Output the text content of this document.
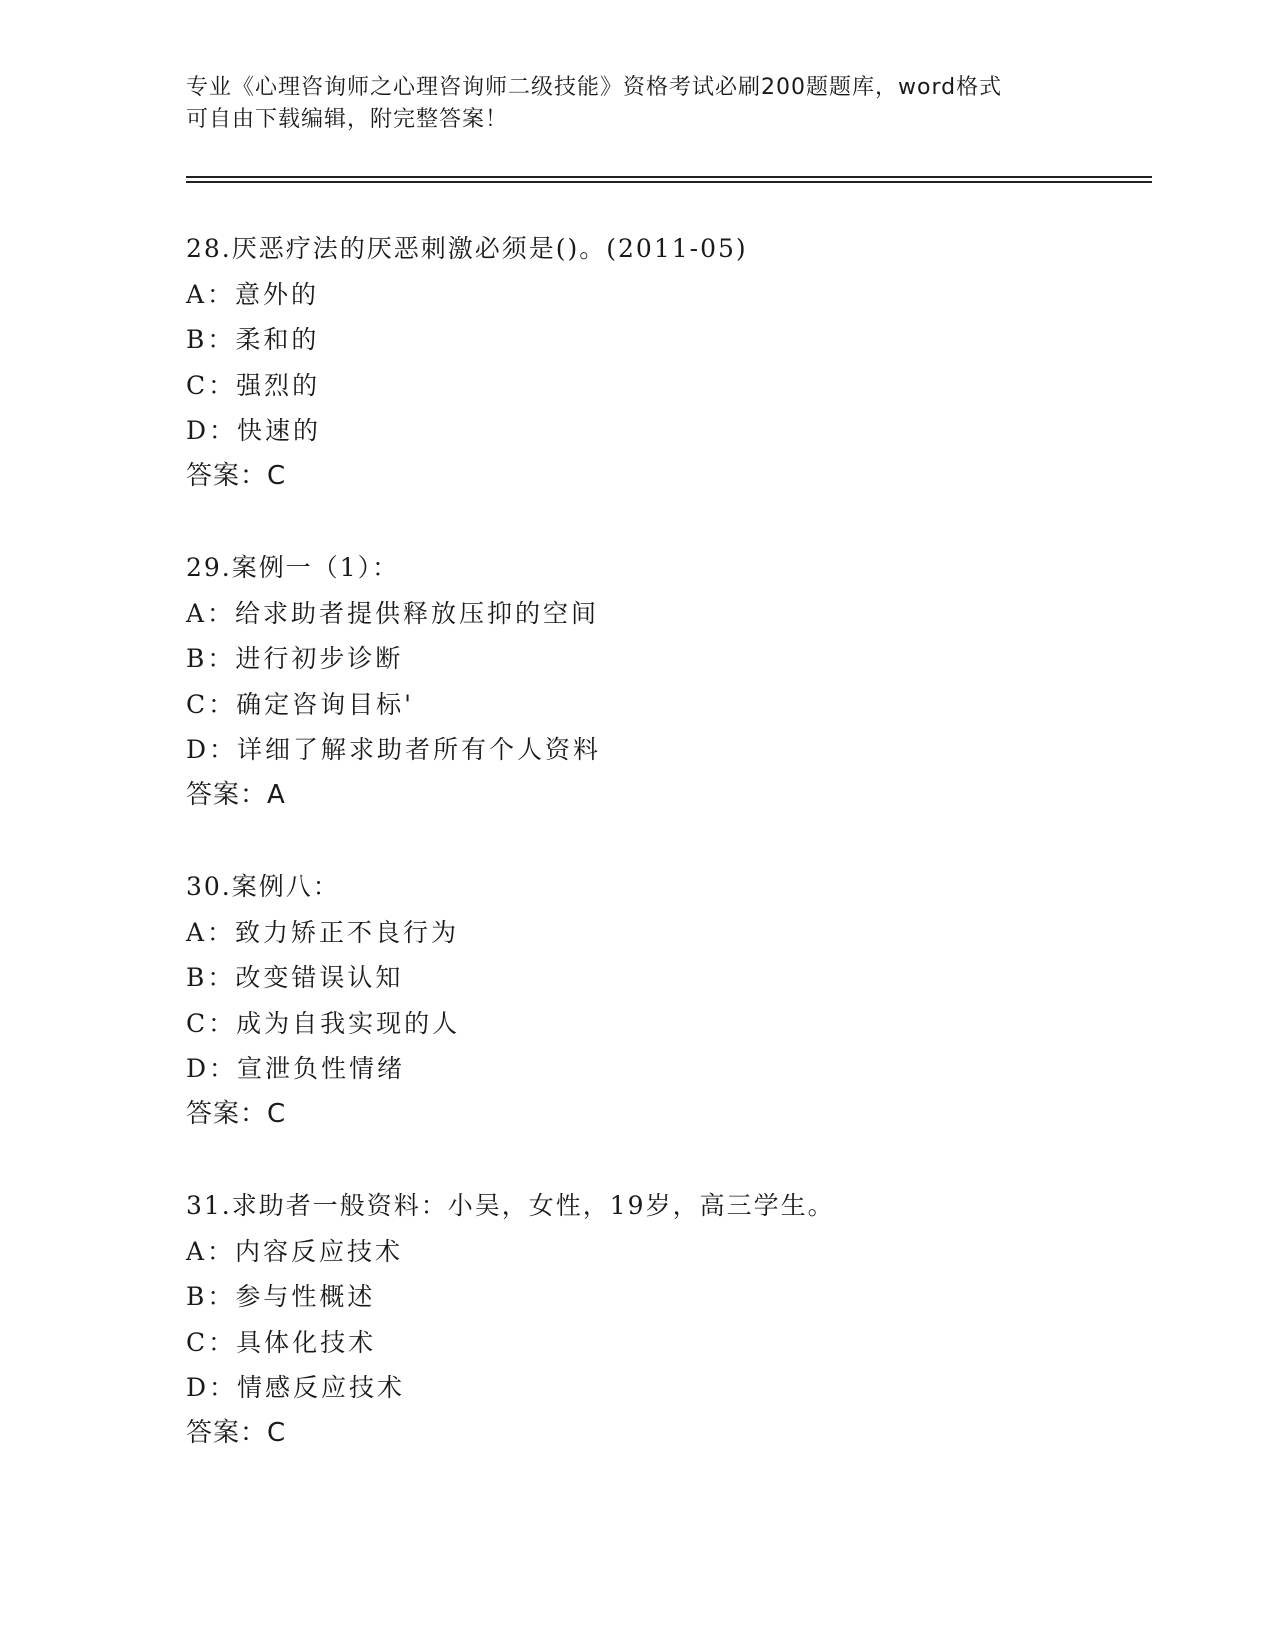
专业《心理咨询师之心理咨询师二级技能》资格考试必刷200题题库，word格式
可自由下载编辑，附完整答案！
28.厌恶疗法的厌恶刺激必须是()。(2011-05)
A：意外的
B：柔和的
C：强烈的
D：快速的
答案：C
29.案例一（1）：
A：给求助者提供释放压抑的空间
B：进行初步诊断
C：确定咨询目标'
D：详细了解求助者所有个人资料
答案：A
30.案例八：
A：致力矫正不良行为
B：改变错误认知
C：成为自我实现的人
D：宣泄负性情绪
答案：C
31.求助者一般资料：小吴，女性，19岁，高三学生。
A：内容反应技术
B：参与性概述
C：具体化技术
D：情感反应技术
答案：C
